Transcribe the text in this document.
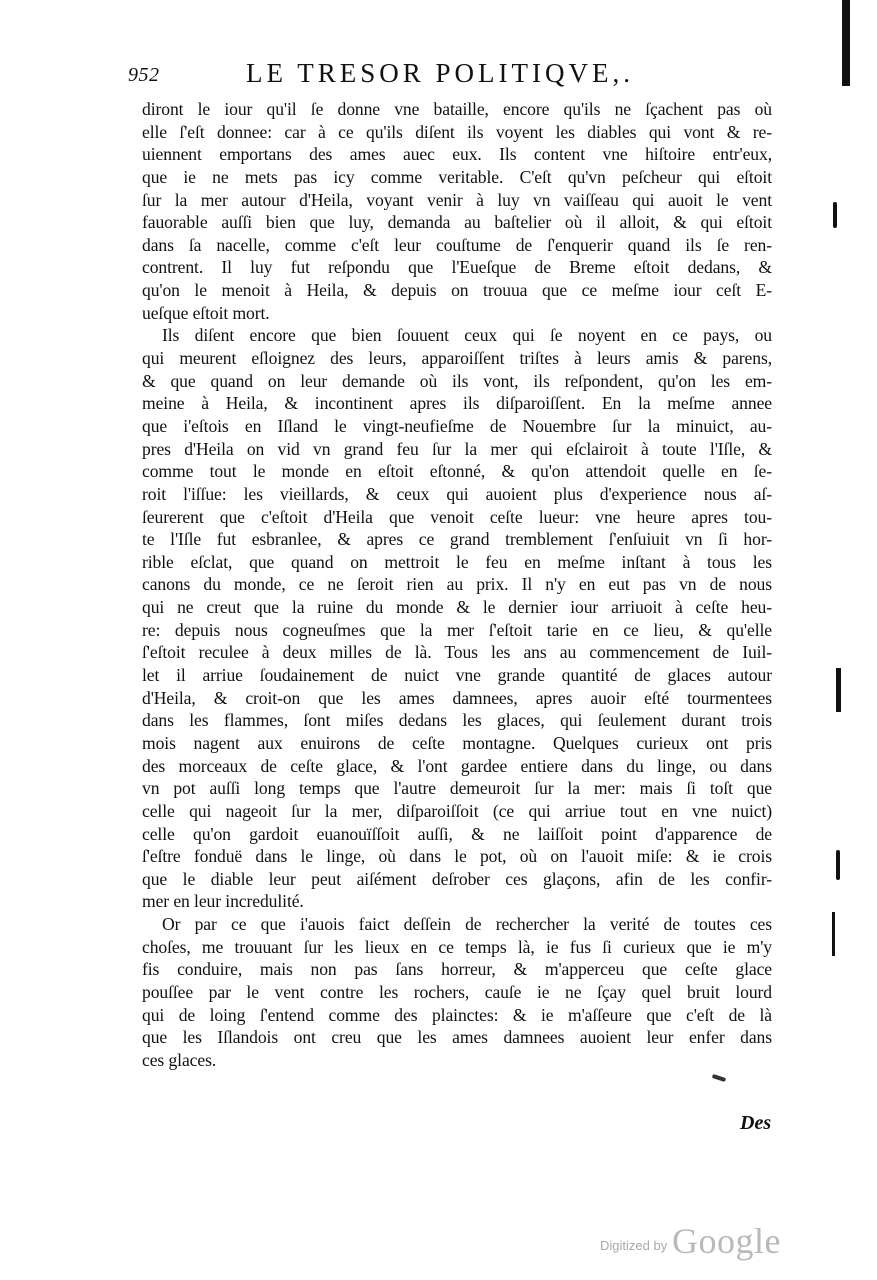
952	LE TRESOR POLITIQVE,.
diront le iour qu'il ſe donne vne bataille, encore qu'ils ne ſçachent pas où
elle ſ'eſt donnee: car à ce qu'ils diſent ils voyent les diables qui vont & re-
uiennent emportans des ames auec eux. Ils content vne hiſtoire entr'eux,
que ie ne mets pas icy comme veritable. C'eſt qu'vn peſcheur qui eſtoit
ſur la mer autour d'Heila, voyant venir à luy vn vaiſſeau qui auoit le vent
fauorable auſſi bien que luy, demanda au baſtelier où il alloit, & qui eſtoit
dans ſa nacelle, comme c'eſt leur couſtume de ſ'enquerir quand ils ſe ren-
contrent. Il luy fut reſpondu que l'Eueſque de Breme eſtoit dedans, &
qu'on le menoit à Heila, & depuis on trouua que ce meſme iour ceſt E-
ueſque eſtoit mort.
Ils diſent encore que bien ſouuent ceux qui ſe noyent en ce pays, ou
qui meurent eſloignez des leurs, apparoiſſent triſtes à leurs amis & parens,
& que quand on leur demande où ils vont, ils reſpondent, qu'on les em-
meine à Heila, & incontinent apres ils diſparoiſſent. En la meſme annee
que i'eſtois en Iſland le vingt-neufieſme de Nouembre ſur la minuict, au-
pres d'Heila on vid vn grand feu ſur la mer qui eſclairoit à toute l'Iſle, &
comme tout le monde en eſtoit eſtonné, & qu'on attendoit quelle en ſe-
roit l'iſſue: les vieillards, & ceux qui auoient plus d'experience nous aſ-
ſeurerent que c'eſtoit d'Heila que venoit ceſte lueur: vne heure apres tou-
te l'Iſle fut esbranlee, & apres ce grand tremblement ſ'enſuiuit vn ſi hor-
rible eſclat, que quand on mettroit le feu en meſme inſtant à tous les
canons du monde, ce ne ſeroit rien au prix. Il n'y en eut pas vn de nous
qui ne creut que la ruine du monde & le dernier iour arriuoit à ceſte heu-
re: depuis nous cogneuſmes que la mer ſ'eſtoit tarie en ce lieu, & qu'elle
ſ'eſtoit reculee à deux milles de là. Tous les ans au commencement de Iuil-
let il arriue ſoudainement de nuict vne grande quantité de glaces autour
d'Heila, & croit-on que les ames damnees, apres auoir eſté tourmentees
dans les flammes, ſont miſes dedans les glaces, qui ſeulement durant trois
mois nagent aux enuirons de ceſte montagne. Quelques curieux ont pris
des morceaux de ceſte glace, & l'ont gardee entiere dans du linge, ou dans
vn pot auſſi long temps que l'autre demeuroit ſur la mer: mais ſi toſt que
celle qui nageoit ſur la mer, diſparoiſſoit (ce qui arriue tout en vne nuict)
celle qu'on gardoit euanouïſſoit auſſi, & ne laiſſoit point d'apparence de
ſ'eſtre fonduë dans le linge, où dans le pot, où on l'auoit miſe: & ie crois
que le diable leur peut aiſément deſrober ces glaçons, afin de les confir-
mer en leur incredulité.
Or par ce que i'auois faict deſſein de rechercher la verité de toutes ces
choſes, me trouuant ſur les lieux en ce temps là, ie fus ſi curieux que ie m'y
fis conduire, mais non pas ſans horreur, & m'apperceu que ceſte glace
pouſſee par le vent contre les rochers, cauſe ie ne ſçay quel bruit lourd
qui de loing ſ'entend comme des plainctes: & ie m'aſſeure que c'eſt de là
que les Iſlandois ont creu que les ames damnees auoient leur enfer dans
ces glaces.
Des
Digitized by Google
